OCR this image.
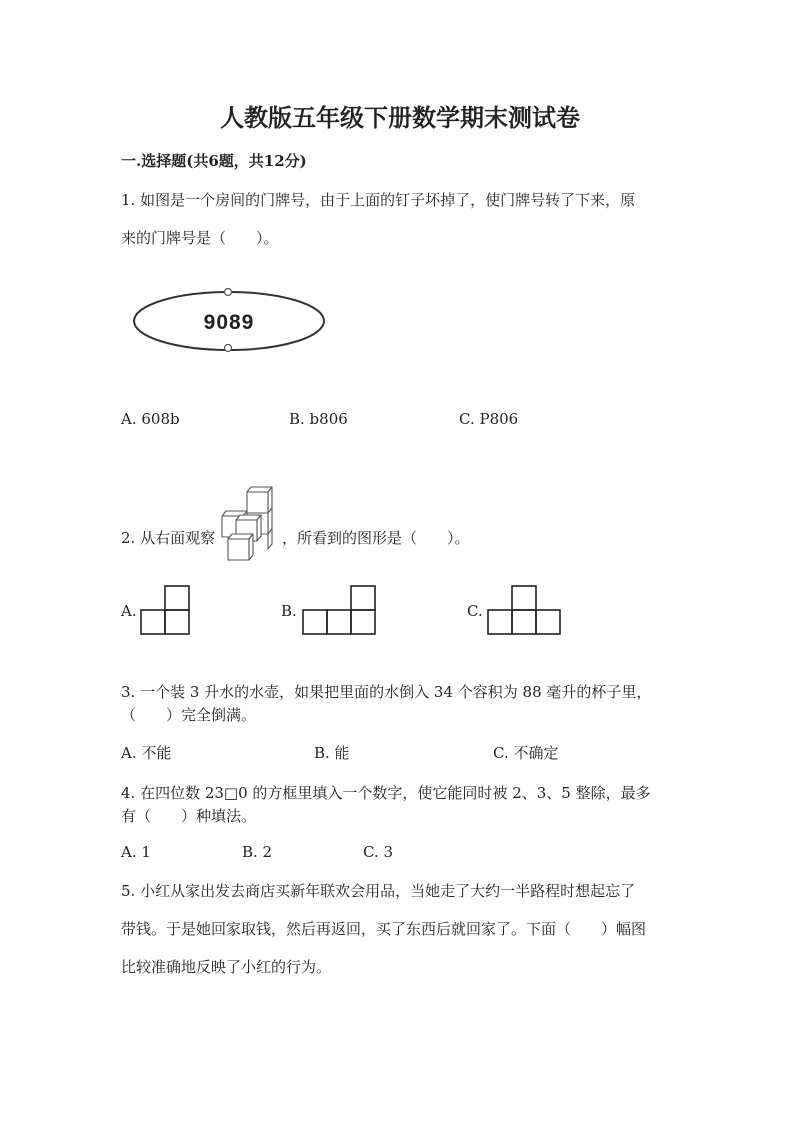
人教版五年级下册数学期末测试卷
一.选择题(共6题，共12分)
1. 如图是一个房间的门牌号，由于上面的钉子坏掉了，使门牌号转了下来，原
来的门牌号是（　　）。
9089
A. 608b	B. b806	C. P806
2. 从右面观察	，所看到的图形是（　　）。
A.	B.	C.
3. 一个装 3 升水的水壶，如果把里面的水倒入 34 个容积为 88 毫升的杯子里，
（　　）完全倒满。
A. 不能	B. 能	C. 不确定
4. 在四位数 23□0 的方框里填入一个数字，使它能同时被 2、3、5 整除，最多
有（　　）种填法。
A. 1	B. 2	C. 3
5. 小红从家出发去商店买新年联欢会用品，当她走了大约一半路程时想起忘了
带钱。于是她回家取钱，然后再返回，买了东西后就回家了。下面（　　）幅图
比较准确地反映了小红的行为。
